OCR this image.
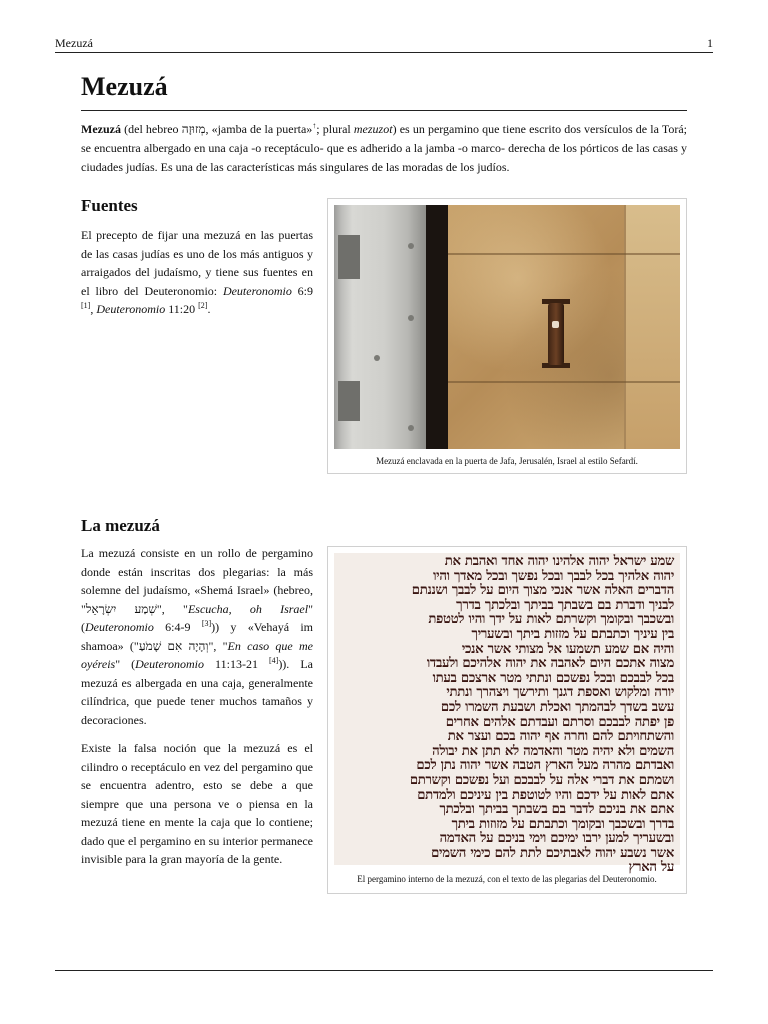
Mezuzá	1
Mezuzá

Mezuzá (del hebreo מְזוּזָה, «jamba de la puerta»↑; plural mezuzot) es un pergamino que tiene escrito dos versículos de la Torá; se encuentra albergado en una caja -o receptáculo- que es adherido a la jamba -o marco- derecha de los pórticos de las casas y ciudades judías. Es una de las características más singulares de las moradas de los judíos.

Fuentes

El precepto de fijar una mezuzá en las puertas de las casas judías es uno de los más antiguos y arraigados del judaísmo, y tiene sus fuentes en el libro del Deuteronomio: Deuteronomio 6:9 [1], Deuteronomio 11:20 [2].

La mezuzá

La mezuzá consiste en un rollo de pergamino donde están inscritas dos plegarias: la más solemne del judaísmo, «Shemá Israel» (hebreo, "שְׁמַע יִשְׂרָאֵל", "Escucha, oh Israel" (Deuteronomio 6:4-9 [3])) y «Vehayá im shamoa» ("וְהָיָה אִם שָׁמֹעַ", "En caso que me oyéreis" (Deuteronomio 11:13-21 [4])). La mezuzá es albergada en una caja, generalmente cilíndrica, que puede tener muchos tamaños y decoraciones.

Existe la falsa noción que la mezuzá es el cilindro o receptáculo en vez del pergamino que se encuentra adentro, esto se debe a que siempre que una persona ve o piensa en la mezuzá tiene en mente la caja que lo contiene; dado que el pergamino en su interior permanece invisible para la gran mayoría de la gente.

Mezuzá enclavada en la puerta de Jafa, Jerusalén, Israel al estilo Sefardí.
שמע ישראל יהוה אלהינו יהוה אחד ואהבת את
יהוה אלהיך בכל לבבך ובכל נפשך ובכל מאדך והיו
הדברים האלה אשר אנכי מצוך היום על לבבך ושננתם
לבניך ודברת בם בשבתך בביתך ובלכתך בדרך
ובשכבך ובקומך וקשרתם לאות על ידך והיו לטטפת
בין עיניך וכתבתם על מזזות ביתך ובשעריך
והיה אם שמע תשמעו אל מצותי אשר אנכי
מצוה אתכם היום לאהבה את יהוה אלהיכם ולעבדו
בכל לבבכם ובכל נפשכם ונתתי מטר ארצכם בעתו
יורה ומלקוש ואספת דגנך ותירשך ויצהרך ונתתי
עשב בשדך לבהמתך ואכלת ושבעת השמרו לכם
פן יפתה לבבכם וסרתם ועבדתם אלהים אחרים
והשתחויתם להם וחרה אף יהוה בכם ועצר את
השמים ולא יהיה מטר והאדמה לא תתן את יבולה
ואבדתם מהרה מעל הארץ הטבה אשר יהוה נתן לכם
ושמתם את דברי אלה על לבבכם ועל נפשכם וקשרתם
אתם לאות על ידכם והיו לטוטפת בין עיניכם ולמדתם
אתם את בניכם לדבר בם בשבתך בביתך ובלכתך
בדרך ובשכבך ובקומך וכתבתם על מזוזות ביתך
ובשעריך למען ירבו ימיכם וימי בניכם על האדמה
אשר נשבע יהוה לאבתיכם לתת להם כימי השמים
על הארץ
El pergamino interno de la mezuzá, con el texto de las plegarias del Deuteronomio.
